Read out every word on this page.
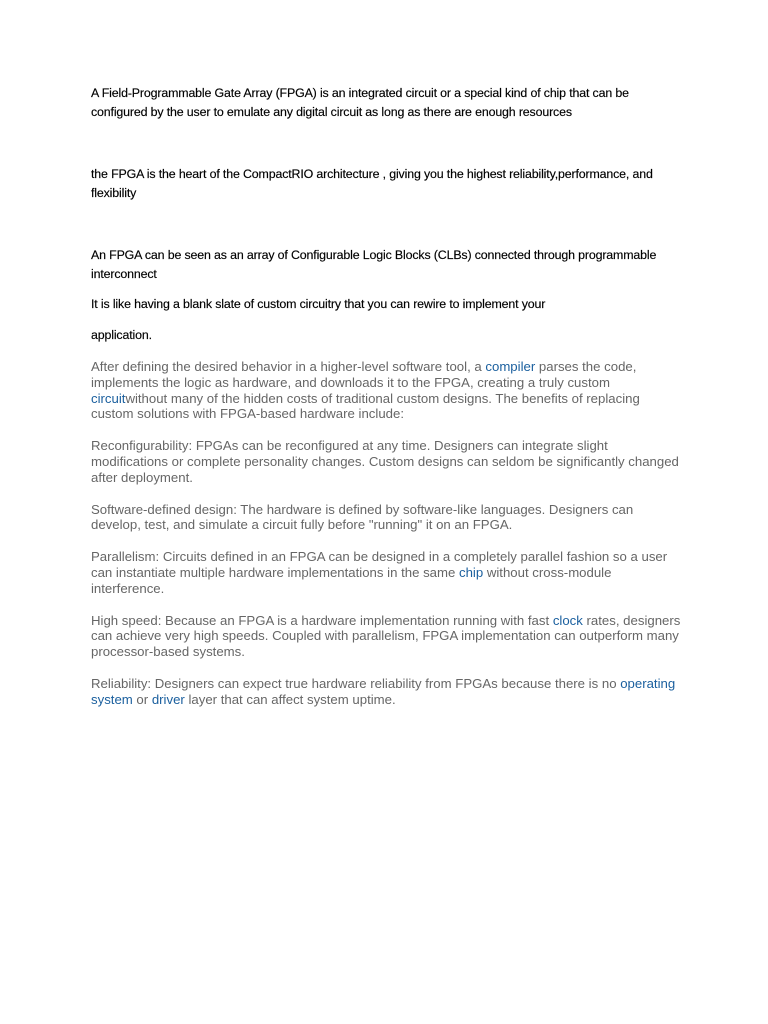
A Field-Programmable Gate Array (FPGA) is an integrated circuit or a special kind of chip that can be configured by the user to emulate any digital circuit as long as there are enough resources

the FPGA is the heart of the CompactRIO architecture , giving you the highest reliability,performance, and flexibility

An FPGA can be seen as an array of Configurable Logic Blocks (CLBs) connected through programmable interconnect

It is like having a blank slate of custom circuitry that you can rewire to implement your

application.

After defining the desired behavior in a higher-level software tool, a compiler parses the code, implements the logic as hardware, and downloads it to the FPGA, creating a truly custom circuitwithout many of the hidden costs of traditional custom designs. The benefits of replacing custom solutions with FPGA-based hardware include:

Reconfigurability: FPGAs can be reconfigured at any time. Designers can integrate slight modifications or complete personality changes. Custom designs can seldom be significantly changed after deployment.

Software-defined design: The hardware is defined by software-like languages. Designers can develop, test, and simulate a circuit fully before "running" it on an FPGA.

Parallelism: Circuits defined in an FPGA can be designed in a completely parallel fashion so a user can instantiate multiple hardware implementations in the same chip without cross-module interference.

High speed: Because an FPGA is a hardware implementation running with fast clock rates, designers can achieve very high speeds. Coupled with parallelism, FPGA implementation can outperform many processor-based systems.

Reliability: Designers can expect true hardware reliability from FPGAs because there is no operating system or driver layer that can affect system uptime.
